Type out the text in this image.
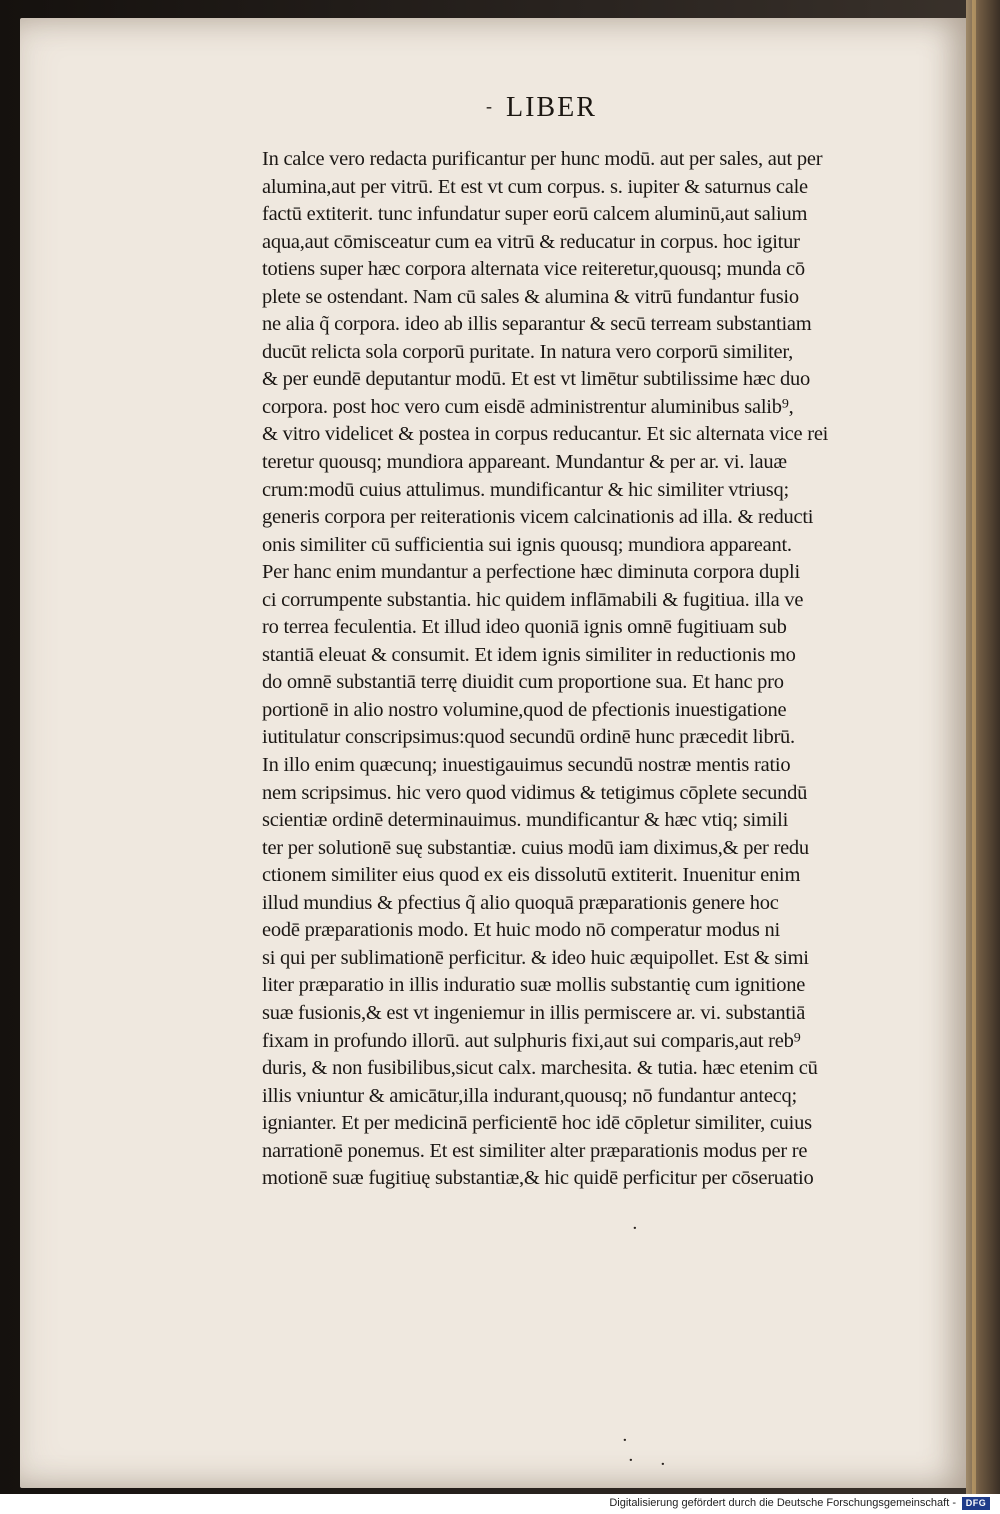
- LIBER
In calce vero redacta purificantur per hunc modū. aut per sales, aut per
alumina,aut per vitrū. Et est vt cum corpus. s. iupiter & saturnus cale
factū extiterit. tunc infundatur super eorū calcem aluminū,aut salium
aqua,aut cōmisceatur cum ea vitrū & reducatur in corpus. hoc igitur
totiens super hæc corpora alternata vice reiteretur,quousq; munda cō
plete se ostendant. Nam cū sales & alumina & vitrū fundantur fusio
ne alia q̃ corpora. ideo ab illis separantur & secū terream substantiam
ducūt relicta sola corporū puritate. In natura vero corporū similiter,
& per eundē deputantur modū. Et est vt limētur subtilissime hæc duo
corpora. post hoc vero cum eisdē administrentur aluminibus salib⁹,
& vitro videlicet & postea in corpus reducantur. Et sic alternata vice rei
teretur quousq; mundiora appareant. Mundantur & per ar. vi. lauæ
crum:modū cuius attulimus. mundificantur & hic similiter vtriusq;
generis corpora per reiterationis vicem calcinationis ad illa. & reducti
onis similiter cū sufficientia sui ignis quousq; mundiora appareant.
Per hanc enim mundantur a perfectione hæc diminuta corpora dupli
ci corrumpente substantia. hic quidem inflāmabili & fugitiua. illa ve
ro terrea feculentia. Et illud ideo quoniā ignis omnē fugitiuam sub
stantiā eleuat & consumit. Et idem ignis similiter in reductionis mo
do omnē substantiā terrę diuidit cum proportione sua. Et hanc pro
portionē in alio nostro volumine,quod de pfectionis inuestigatione
iutitulatur conscripsimus:quod secundū ordinē hunc præcedit librū.
In illo enim quæcunq; inuestigauimus secundū nostræ mentis ratio
nem scripsimus. hic vero quod vidimus & tetigimus cōplete secundū
scientiæ ordinē determinauimus. mundificantur & hæc vtiq; simili
ter per solutionē suę substantiæ. cuius modū iam diximus,& per redu
ctionem similiter eius quod ex eis dissolutū extiterit. Inuenitur enim
illud mundius & pfectius q̃ alio quoquā præparationis genere hoc
eodē præparationis modo. Et huic modo nō comperatur modus ni
si qui per sublimationē perficitur. & ideo huic æquipollet. Est & simi
liter præparatio in illis induratio suæ mollis substantię cum ignitione
suæ fusionis,& est vt ingeniemur in illis permiscere ar. vi. substantiā
fixam in profundo illorū. aut sulphuris fixi,aut sui comparis,aut reb⁹
duris, & non fusibilibus,sicut calx. marchesita. & tutia. hæc etenim cū
illis vniuntur & amicātur,illa indurant,quousq; nō fundantur antecq;
ignianter. Et per medicinā perficientē hoc idē cōpletur similiter, cuius
narrationē ponemus. Et est similiter alter præparationis modus per re
motionē suæ fugitiuę substantiæ,& hic quidē perficitur per cōseruatio
·
·
· ·
Digitalisierung gefördert durch die Deutsche Forschungsgemeinschaft -	DFG
